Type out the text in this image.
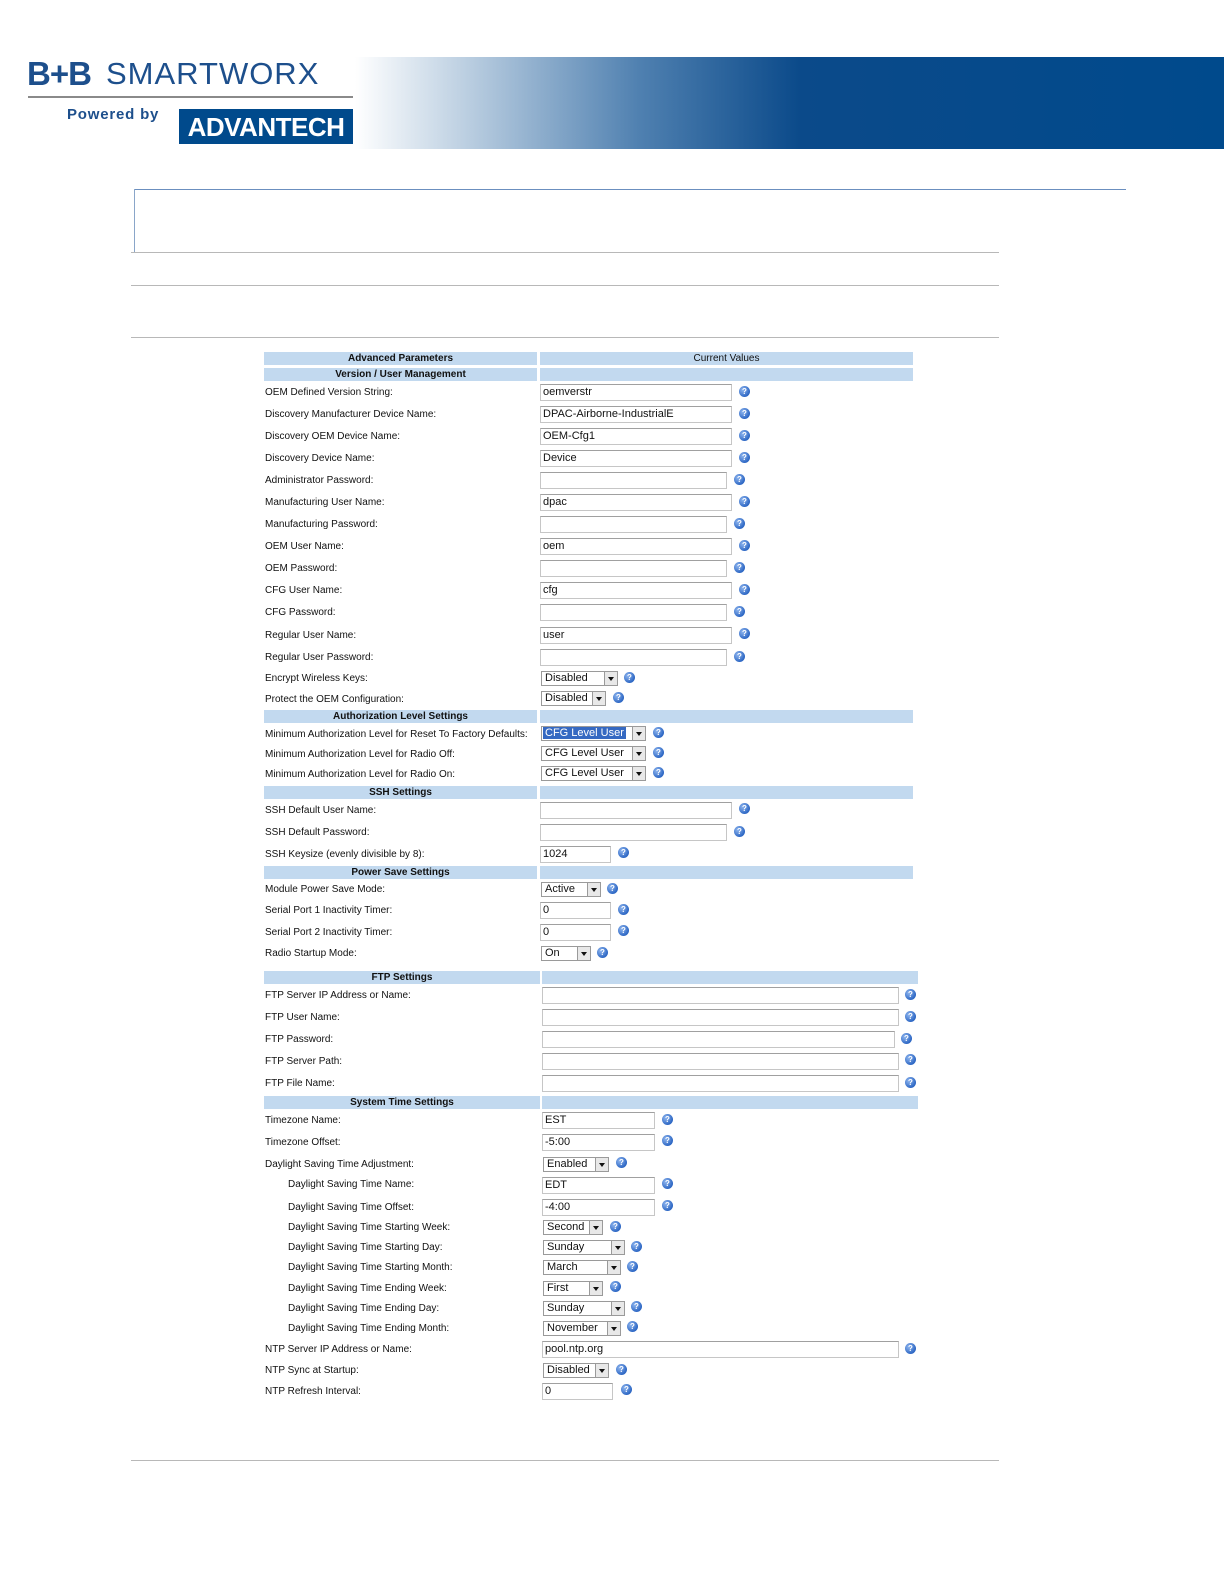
B+B SMARTWORX
Powered by	ADVANTECH
Advanced Parameters	Current Values
Version / User Management
OEM Defined Version String:	oemverstr	?
Discovery Manufacturer Device Name:	DPAC-Airborne-IndustrialE	?
Discovery OEM Device Name:	OEM-Cfg1	?
Discovery Device Name:	Device	?
Administrator Password:	?
Manufacturing User Name:	dpac	?
Manufacturing Password:	?
OEM User Name:	oem	?
OEM Password:	?
CFG User Name:	cfg	?
CFG Password:	?
Regular User Name:	user	?
Regular User Password:	?
Encrypt Wireless Keys:	Disabled	?
Protect the OEM Configuration:	Disabled	?
Authorization Level Settings
Minimum Authorization Level for Reset To Factory Defaults:	CFG Level User	?
Minimum Authorization Level for Radio Off:	CFG Level User	?
Minimum Authorization Level for Radio On:	CFG Level User	?
SSH Settings
SSH Default User Name:	?
SSH Default Password:	?
SSH Keysize (evenly divisible by 8):	1024	?
Power Save Settings
Module Power Save Mode:	Active	?
Serial Port 1 Inactivity Timer:	0	?
Serial Port 2 Inactivity Timer:	0	?
Radio Startup Mode:	On	?
FTP Settings
FTP Server IP Address or Name:	?
FTP User Name:	?
FTP Password:	?
FTP Server Path:	?
FTP File Name:	?
System Time Settings
Timezone Name:	EST	?
Timezone Offset:	-5:00	?
Daylight Saving Time Adjustment:	Enabled	?
Daylight Saving Time Name:	EDT	?
Daylight Saving Time Offset:	-4:00	?
Daylight Saving Time Starting Week:	Second	?
Daylight Saving Time Starting Day:	Sunday	?
Daylight Saving Time Starting Month:	March	?
Daylight Saving Time Ending Week:	First	?
Daylight Saving Time Ending Day:	Sunday	?
Daylight Saving Time Ending Month:	November	?
NTP Server IP Address or Name:	pool.ntp.org	?
NTP Sync at Startup:	Disabled	?
NTP Refresh Interval:	0	?
